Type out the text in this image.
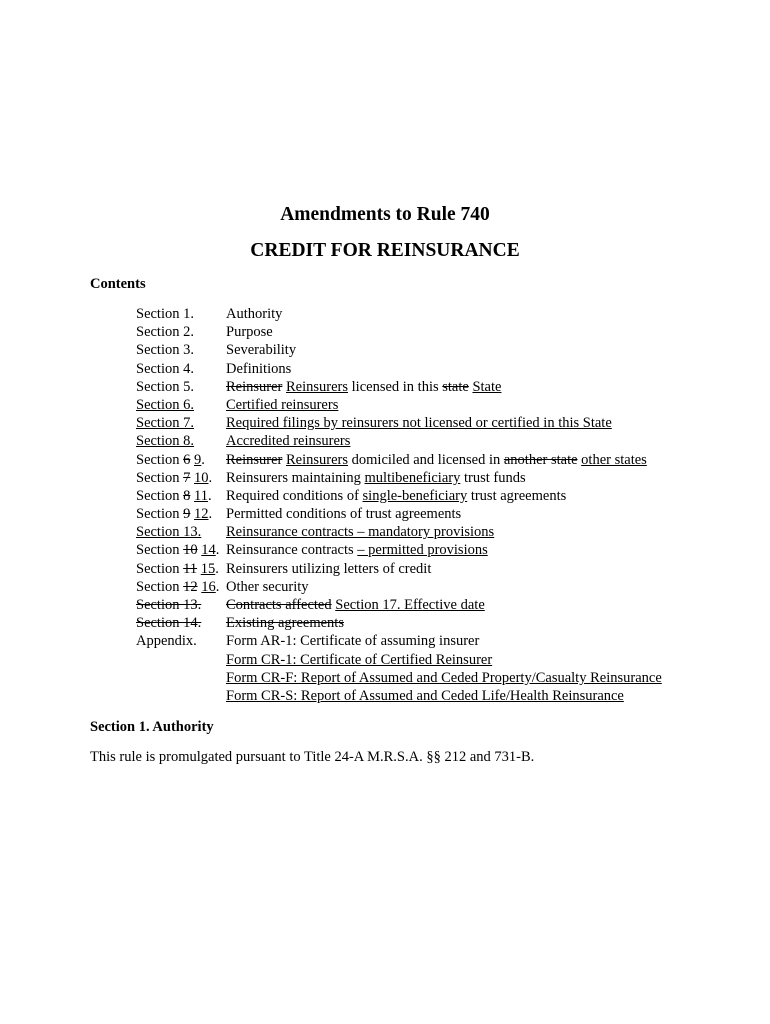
Amendments to Rule 740
CREDIT FOR REINSURANCE
Contents
Section 1. Authority
Section 2. Purpose
Section 3. Severability
Section 4. Definitions
Section 5. Reinsurer Reinsurers licensed in this state State
Section 6. Certified reinsurers
Section 7. Required filings by reinsurers not licensed or certified in this State
Section 8. Accredited reinsurers
Section 6 9. Reinsurer Reinsurers domiciled and licensed in another state other states
Section 7 10. Reinsurers maintaining multibeneficiary trust funds
Section 8 11. Required conditions of single-beneficiary trust agreements
Section 9 12. Permitted conditions of trust agreements
Section 13. Reinsurance contracts – mandatory provisions
Section 10 14. Reinsurance contracts – permitted provisions
Section 11 15. Reinsurers utilizing letters of credit
Section 12 16. Other security
Section 13. Contracts affected Section 17. Effective date
Section 14. Existing agreements
Appendix. Form AR-1: Certificate of assuming insurer
Form CR-1: Certificate of Certified Reinsurer
Form CR-F: Report of Assumed and Ceded Property/Casualty Reinsurance
Form CR-S: Report of Assumed and Ceded Life/Health Reinsurance
Section 1. Authority

This rule is promulgated pursuant to Title 24-A M.R.S.A. §§ 212 and 731-B.
